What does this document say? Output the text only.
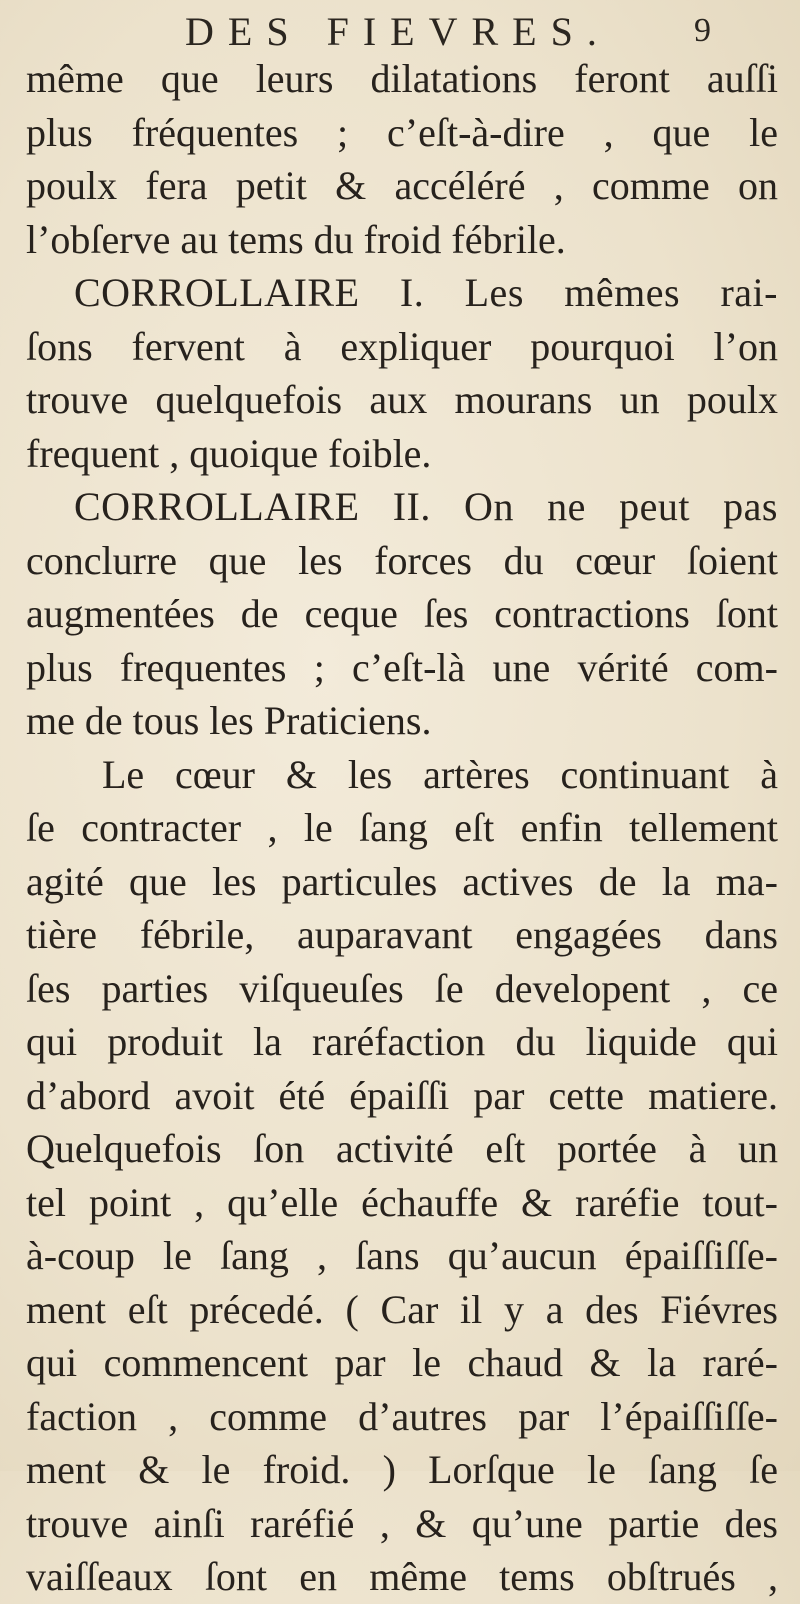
DES FIEVRES. 9
même que leurs dilatations feront auſſi
plus fréquentes ; c’eſt-à-dire , que le
poulx fera petit & accéléré , comme on
l’obſerve au tems du froid fébrile.
CORROLLAIRE I. Les mêmes rai-
ſons fervent à expliquer pourquoi l’on
trouve quelquefois aux mourans un poulx
frequent , quoique foible.
CORROLLAIRE II. On ne peut pas
conclurre que les forces du cœur ſoient
augmentées de ceque ſes contractions ſont
plus frequentes ; c’eſt-là une vérité com-
me de tous les Praticiens.
Le cœur & les artères continuant à
ſe contracter , le ſang eſt enfin tellement
agité que les particules actives de la ma-
tière fébrile, auparavant engagées dans
ſes parties viſqueuſes ſe developent , ce
qui produit la raréfaction du liquide qui
d’abord avoit été épaiſſi par cette matiere.
Quelquefois ſon activité eſt portée à un
tel point , qu’elle échauffe & raréfie tout-
à-coup le ſang , ſans qu’aucun épaiſſiſſe-
ment eſt précedé. ( Car il y a des Fiévres
qui commencent par le chaud & la raré-
faction , comme d’autres par l’épaiſſiſſe-
ment & le froid. ) Lorſque le ſang ſe
trouve ainſi raréfié , & qu’une partie des
vaiſſeaux ſont en même tems obſtrués ,
